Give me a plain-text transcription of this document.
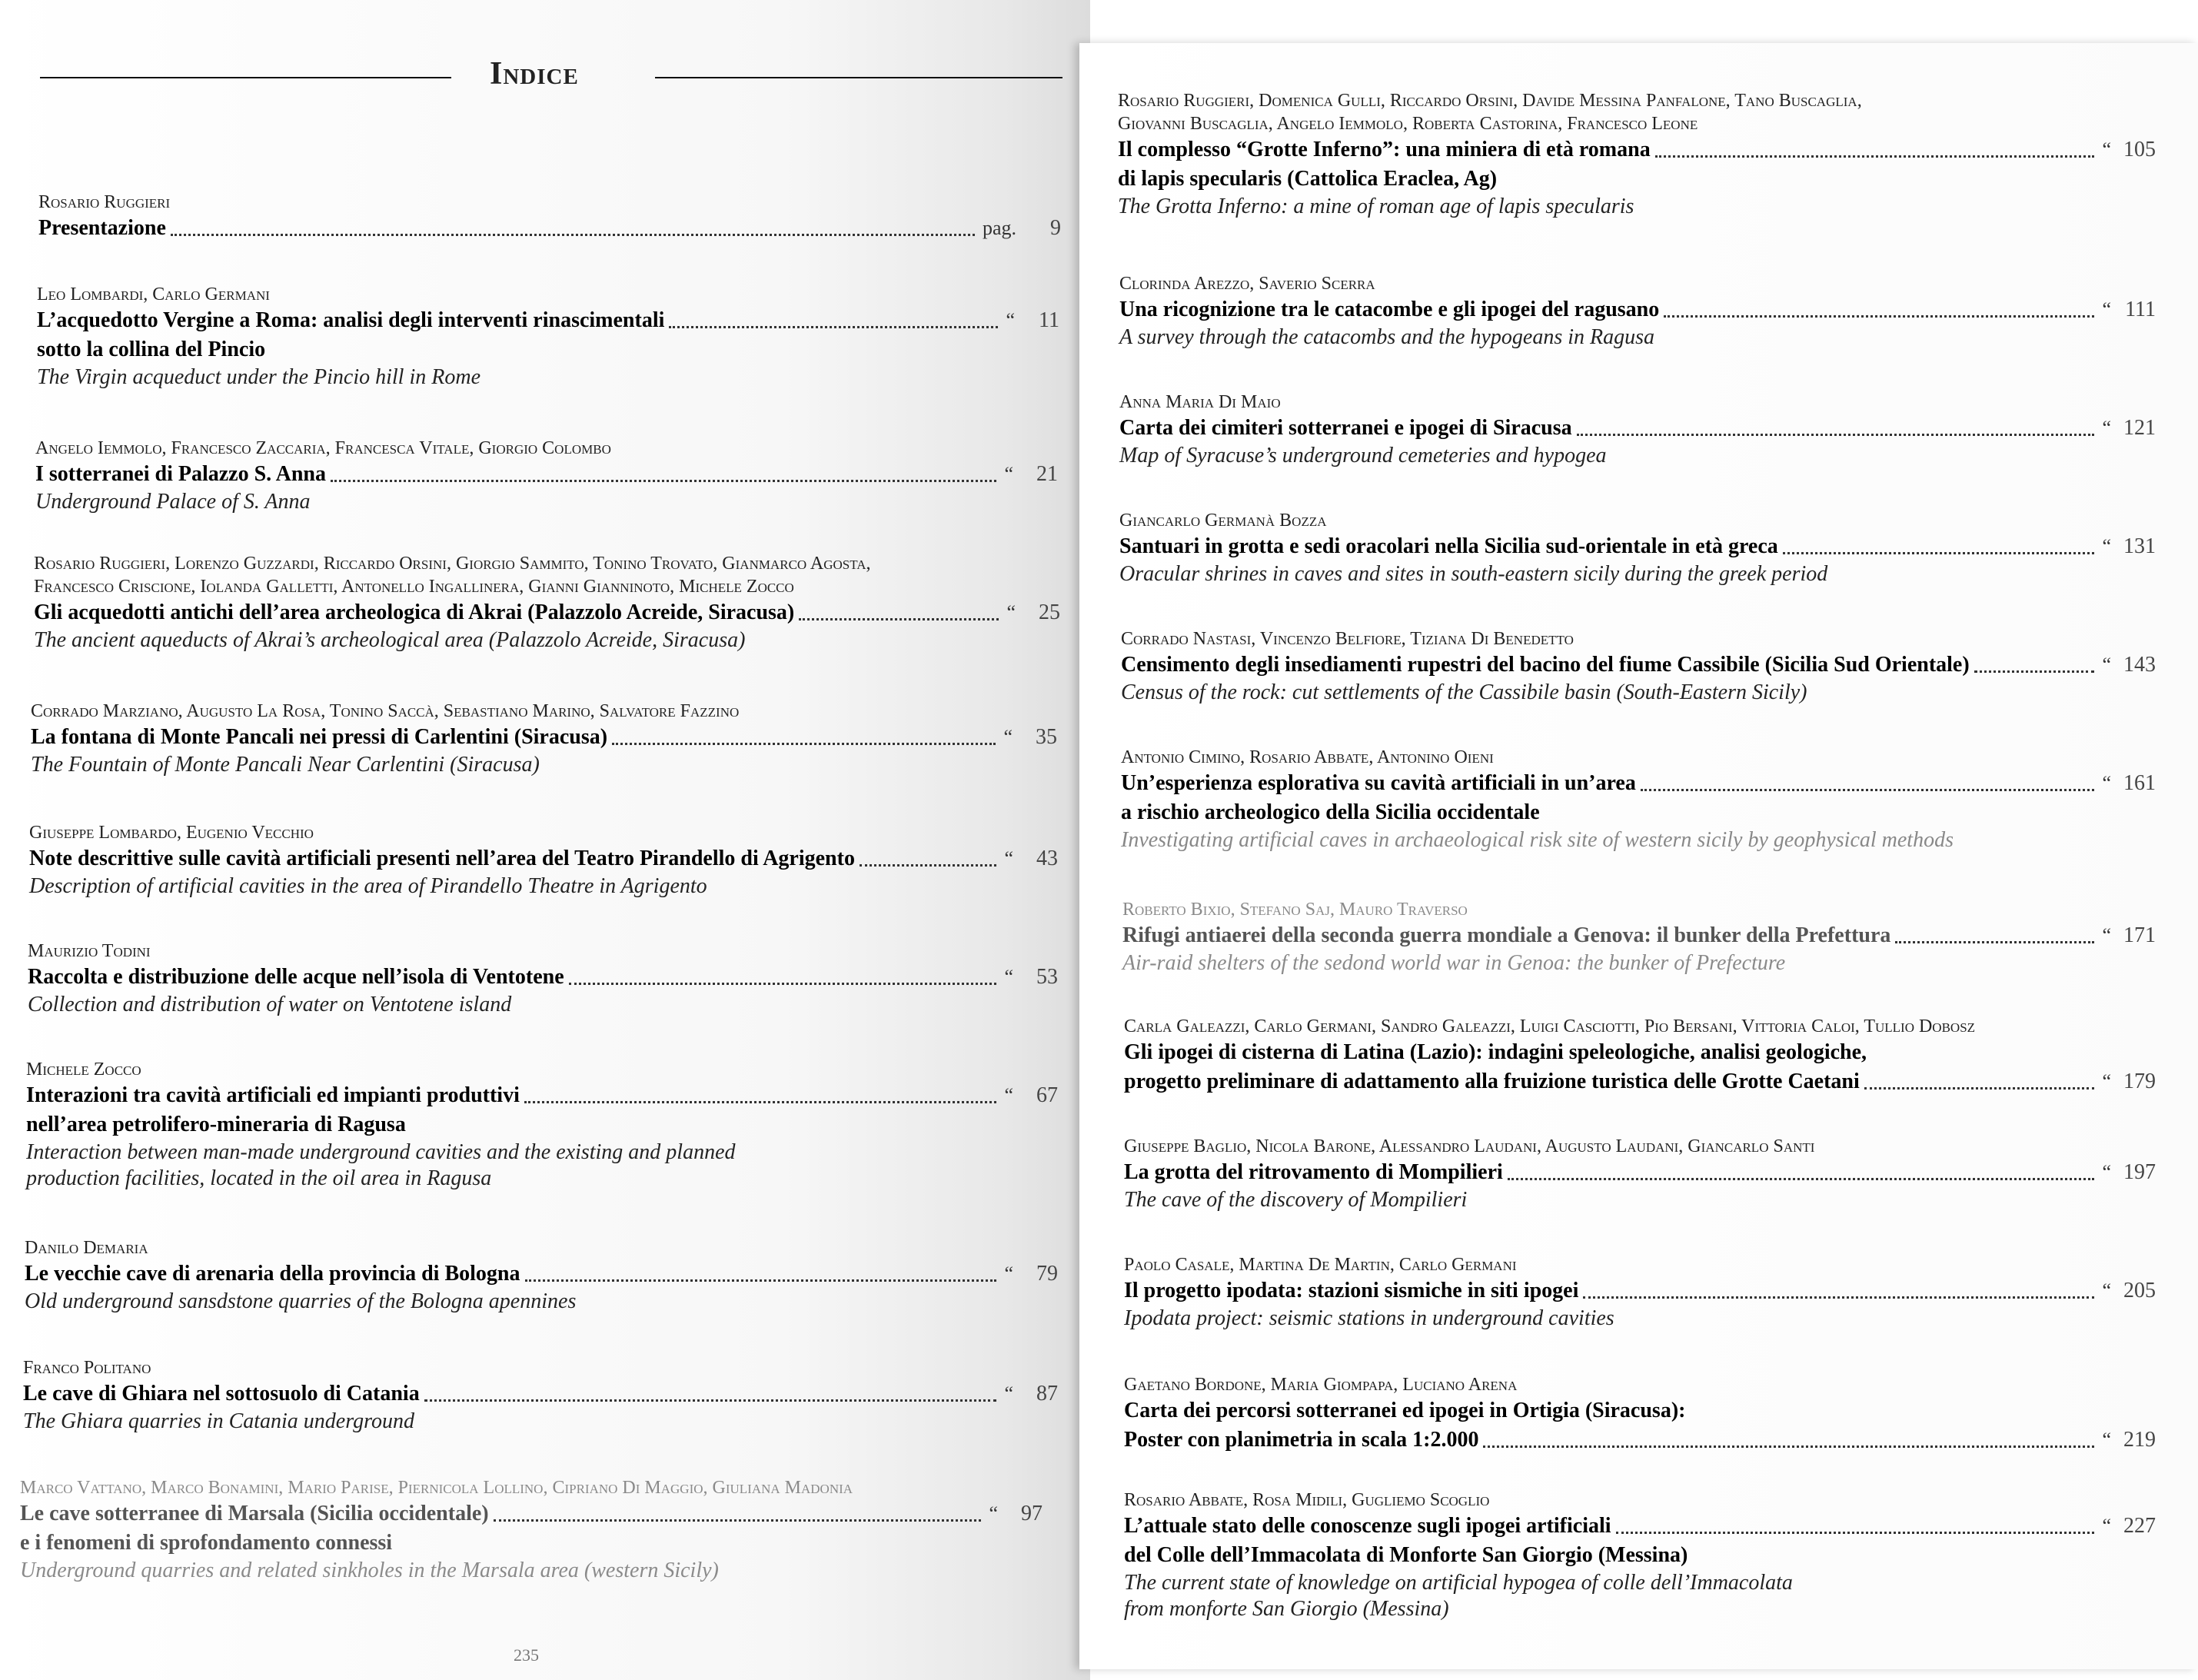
Indice
Rosario Ruggieri
Presentazione	pag.	9
Leo Lombardi, Carlo Germani
L’acquedotto Vergine a Roma: analisi degli interventi rinascimentali	“	11
sotto la collina del Pincio
The Virgin acqueduct under the Pincio hill in Rome
Angelo Iemmolo, Francesco Zaccaria, Francesca Vitale, Giorgio Colombo
I sotterranei di Palazzo S. Anna	“	21
Underground Palace of S. Anna
Rosario Ruggieri, Lorenzo Guzzardi, Riccardo Orsini, Giorgio Sammito, Tonino Trovato, Gianmarco Agosta,
Francesco Criscione, Iolanda Galletti, Antonello Ingallinera, Gianni Gianninoto, Michele Zocco
Gli acquedotti antichi dell’area archeologica di Akrai (Palazzolo Acreide, Siracusa)	“	25
The ancient aqueducts of Akrai’s archeological area (Palazzolo Acreide, Siracusa)
Corrado Marziano, Augusto La Rosa, Tonino Saccà, Sebastiano Marino, Salvatore Fazzino
La fontana di Monte Pancali nei pressi di Carlentini (Siracusa)	“	35
The Fountain of Monte Pancali Near Carlentini (Siracusa)
Giuseppe Lombardo, Eugenio Vecchio
Note descrittive sulle cavità artificiali presenti nell’area del Teatro Pirandello di Agrigento	“	43
Description of artificial cavities in the area of Pirandello Theatre in Agrigento
Maurizio Todini
Raccolta e distribuzione delle acque nell’isola di Ventotene	“	53
Collection and distribution of water on Ventotene island
Michele Zocco
Interazioni tra cavità artificiali ed impianti produttivi	“	67
nell’area petrolifero-mineraria di Ragusa
Interaction between man-made underground cavities and the existing and planned
production facilities, located in the oil area in Ragusa
Danilo Demaria
Le vecchie cave di arenaria della provincia di Bologna	“	79
Old underground sansdstone quarries of the Bologna apennines
Franco Politano
Le cave di Ghiara nel sottosuolo di Catania	“	87
The Ghiara quarries in Catania underground
Marco Vattano, Marco Bonamini, Mario Parise, Piernicola Lollino, Cipriano Di Maggio, Giuliana Madonia
Le cave sotterranee di Marsala (Sicilia occidentale)	“	97
e i fenomeni di sprofondamento connessi
Underground quarries and related sinkholes in the Marsala area (western Sicily)
235
Rosario Ruggieri, Domenica Gulli, Riccardo Orsini, Davide Messina Panfalone, Tano Buscaglia,
Giovanni Buscaglia, Angelo Iemmolo, Roberta Castorina, Francesco Leone
Il complesso “Grotte Inferno”: una miniera di età romana	“ 105
di lapis specularis (Cattolica Eraclea, Ag)
The Grotta Inferno: a mine of roman age of lapis specularis
Clorinda Arezzo, Saverio Scerra
Una ricognizione tra le catacombe e gli ipogei del ragusano	“ 111
A survey through the catacombs and the hypogeans in Ragusa
Anna Maria Di Maio
Carta dei cimiteri sotterranei e ipogei di Siracusa	“ 121
Map of Syracuse’s underground cemeteries and hypogea
Giancarlo Germanà Bozza
Santuari in grotta e sedi oracolari nella Sicilia sud-orientale in età greca	“ 131
Oracular shrines in caves and sites in south-eastern sicily during the greek period
Corrado Nastasi, Vincenzo Belfiore, Tiziana Di Benedetto
Censimento degli insediamenti rupestri del bacino del fiume Cassibile (Sicilia Sud Orientale)	“ 143
Census of the rock: cut settlements of the Cassibile basin (South-Eastern Sicily)
Antonio Cimino, Rosario Abbate, Antonino Oieni
Un’esperienza esplorativa su cavità artificiali in un’area	“ 161
a rischio archeologico della Sicilia occidentale
Investigating artificial caves in archaeological risk site of western sicily by geophysical methods
Roberto Bixio, Stefano Saj, Mauro Traverso
Rifugi antiaerei della seconda guerra mondiale a Genova: il bunker della Prefettura	“ 171
Air-raid shelters of the sedond world war in Genoa: the bunker of Prefecture
Carla Galeazzi, Carlo Germani, Sandro Galeazzi, Luigi Casciotti, Pio Bersani, Vittoria Caloi, Tullio Dobosz
Gli ipogei di cisterna di Latina (Lazio): indagini speleologiche, analisi geologiche,
progetto preliminare di adattamento alla fruizione turistica delle Grotte Caetani	“ 179
Giuseppe Baglio, Nicola Barone, Alessandro Laudani, Augusto Laudani, Giancarlo Santi
La grotta del ritrovamento di Mompilieri	“ 197
The cave of the discovery of Mompilieri
Paolo Casale, Martina De Martin, Carlo Germani
Il progetto ipodata: stazioni sismiche in siti ipogei	“ 205
Ipodata project: seismic stations in underground cavities
Gaetano Bordone, Maria Giompapa, Luciano Arena
Carta dei percorsi sotterranei ed ipogei in Ortigia (Siracusa):
Poster con planimetria in scala 1:2.000	“ 219
Rosario Abbate, Rosa Midili, Gugliemo Scoglio
L’attuale stato delle conoscenze sugli ipogei artificiali	“ 227
del Colle dell’Immacolata di Monforte San Giorgio (Messina)
The current state of knowledge on artificial hypogea of colle dell’Immacolata
from monforte San Giorgio (Messina)
